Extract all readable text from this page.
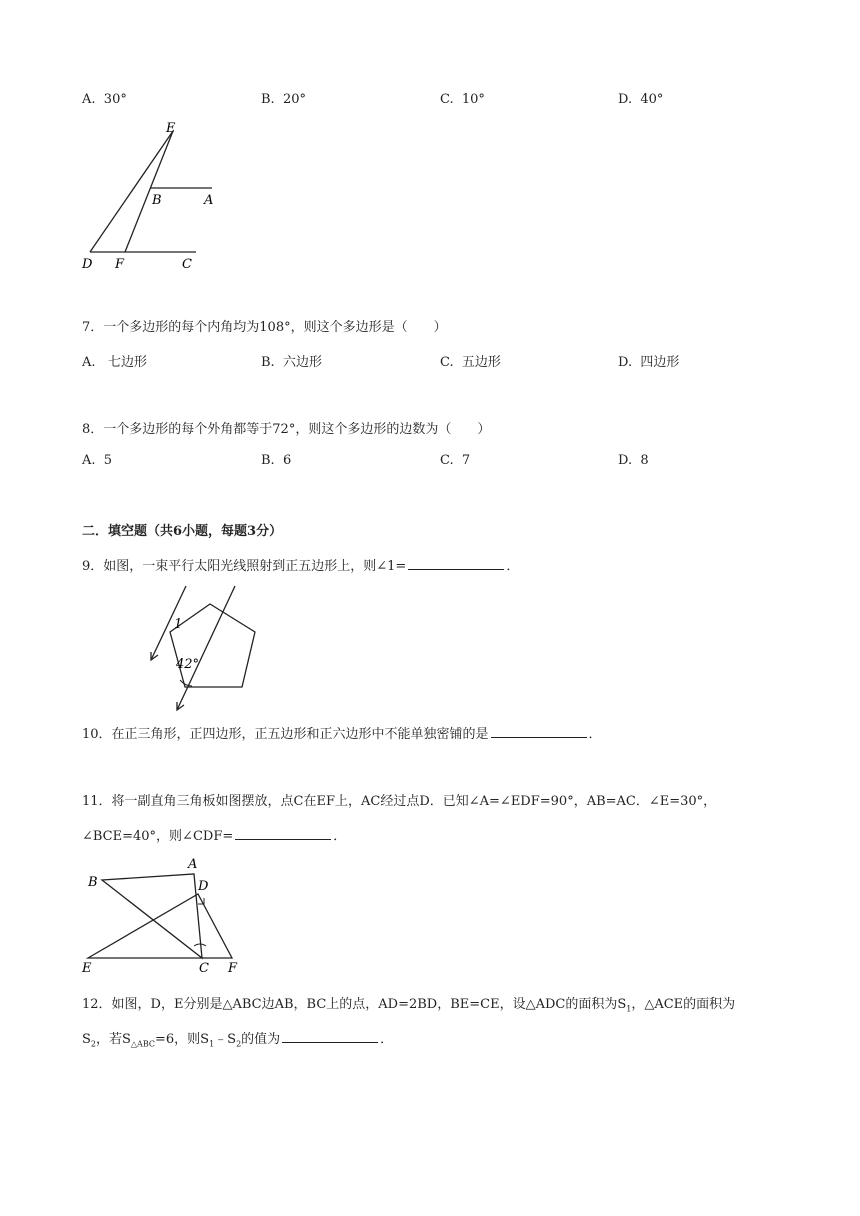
A. 30°	B. 20°	C. 10°	D. 40°
E
B	A
D F	C
7．一个多边形的每个内角均为108°，则这个多边形是（　　）
A. 七边形	B. 六边形	C. 五边形	D. 四边形
8．一个多边形的每个外角都等于72°，则这个多边形的边数为（　　）
A. 5	B. 6	C. 7	D. 8
二．填空题（共6小题，每题3分）
9．如图，一束平行太阳光线照射到正五边形上，则∠1=	．
1
42°
10．在正三角形，正四边形，正五边形和正六边形中不能单独密铺的是	．
11．将一副直角三角板如图摆放，点C在EF上，AC经过点D．已知∠A=∠EDF=90°，AB=AC．∠E=30°，
∠BCE=40°，则∠CDF=	．
A
B	D
E	C F
12．如图，D，E分别是△ABC边AB，BC上的点，AD=2BD，BE=CE，设△ADC的面积为$S_1$，△ACE的面积为
$S_2$，若$S_{\triangle ABC}=6$，则$S_1﹣S_2$的值为	．
